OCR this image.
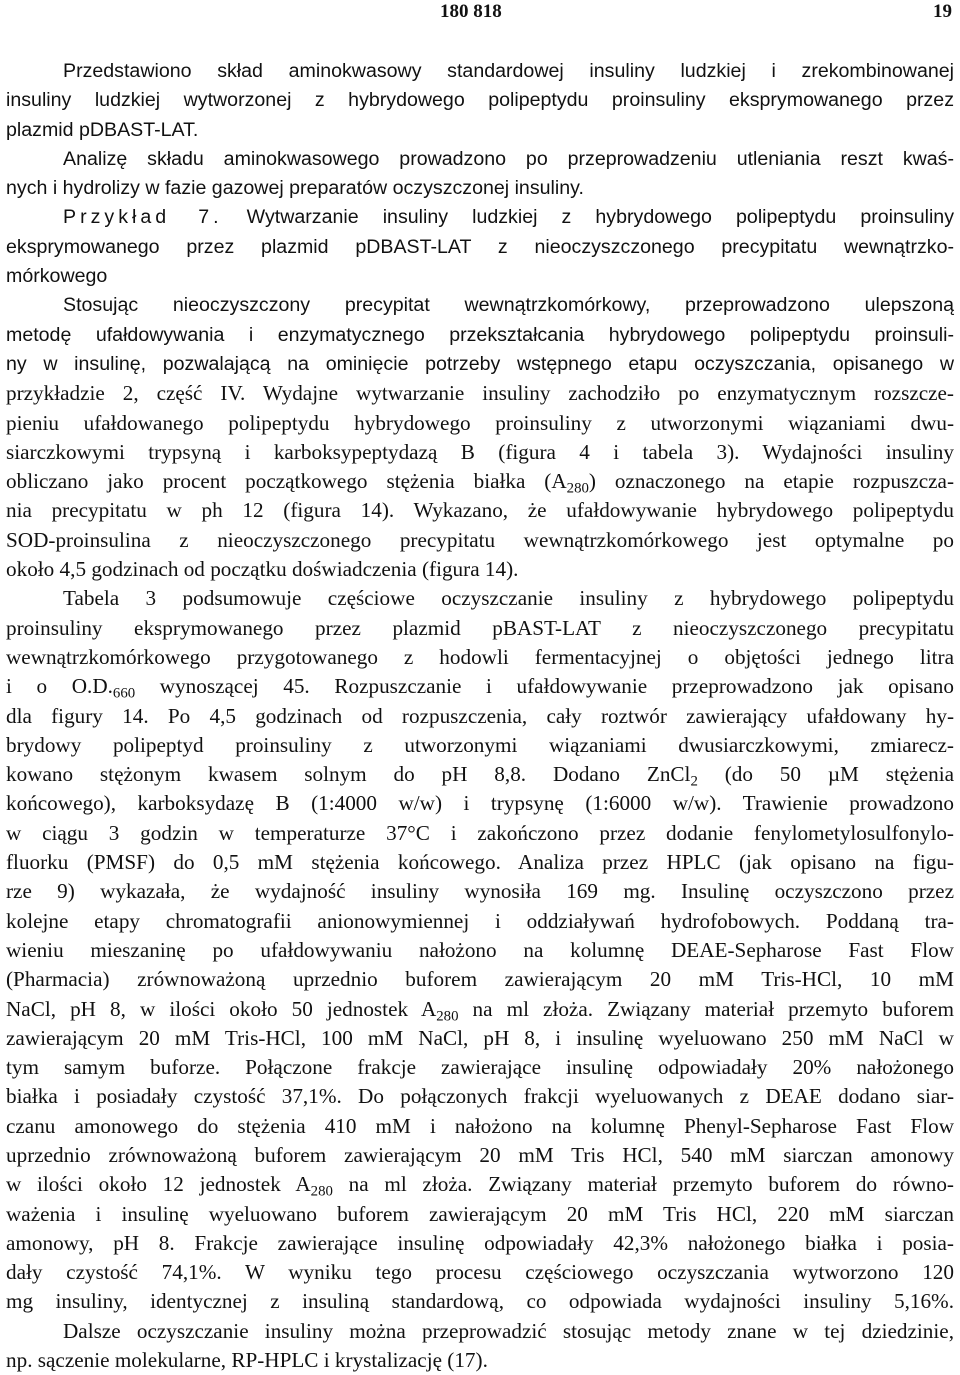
180 818	19
Przedstawiono skład aminokwasowy standardowej insuliny ludzkiej i zrekombinowanej
insuliny ludzkiej wytworzonej z hybrydowego polipeptydu proinsuliny eksprymowanego przez
plazmid pDBAST-LAT.
Analizę składu aminokwasowego prowadzono po przeprowadzeniu utleniania reszt kwaś-
nych i hydrolizy w fazie gazowej preparatów oczyszczonej insuliny.
Przykład 7. Wytwarzanie insuliny ludzkiej z hybrydowego polipeptydu proinsuliny
eksprymowanego przez plazmid pDBAST-LAT z nieoczyszczonego precypitatu wewnątrzko-
mórkowego
Stosując nieoczyszczony precypitat wewnątrzkomórkowy, przeprowadzono ulepszoną
metodę ufałdowywania i enzymatycznego przekształcania hybrydowego polipeptydu proinsuli-
ny w insulinę, pozwalającą na ominięcie potrzeby wstępnego etapu oczyszczania, opisanego w
przykładzie 2, część IV. Wydajne wytwarzanie insuliny zachodziło po enzymatycznym rozszcze-
pieniu ufałdowanego polipeptydu hybrydowego proinsuliny z utworzonymi wiązaniami dwu-
siarczkowymi trypsyną i karboksypeptydazą B (figura 4 i tabela 3). Wydajności insuliny
obliczano jako procent początkowego stężenia białka $(A_{280})$ oznaczonego na etapie rozpuszcza-
nia precypitatu w ph 12 (figura 14). Wykazano, że ufałdowywanie hybrydowego polipeptydu
SOD-proinsulina z nieoczyszczonego precypitatu wewnątrzkomórkowego jest optymalne po
około 4,5 godzinach od początku doświadczenia (figura 14).
Tabela 3 podsumowuje częściowe oczyszczanie insuliny z hybrydowego polipeptydu
proinsuliny eksprymowanego przez plazmid pBAST-LAT z nieoczyszczonego precypitatu
wewnątrzkomórkowego przygotowanego z hodowli fermentacyjnej o objętości jednego litra
i o $O.D._{660}$ wynoszącej 45. Rozpuszczanie i ufałdowywanie przeprowadzono jak opisano
dla figury 14. Po 4,5 godzinach od rozpuszczenia, cały roztwór zawierający ufałdowany hy-
brydowy polipeptyd proinsuliny z utworzonymi wiązaniami dwusiarczkowymi, zmiarecz-
kowano stężonym kwasem solnym do pH 8,8. Dodano ZnCl$_2$ (do 50 µM stężenia
końcowego), karboksydazę B (1:4000 w/w) i trypsynę (1:6000 w/w). Trawienie prowadzono
w ciągu 3 godzin w temperaturze 37°C i zakończono przez dodanie fenylometylosulfonylo-
fluorku (PMSF) do 0,5 mM stężenia końcowego. Analiza przez HPLC (jak opisano na figu-
rze 9) wykazała, że wydajność insuliny wynosiła 169 mg. Insulinę oczyszczono przez
kolejne etapy chromatografii anionowymiennej i oddziaływań hydrofobowych. Poddaną tra-
wieniu mieszaninę po ufałdowywaniu nałożono na kolumnę DEAE-Sepharose Fast Flow
(Pharmacia) zrównoważoną uprzednio buforem zawierającym 20 mM Tris-HCl, 10 mM
NaCl, pH 8, w ilości około 50 jednostek $A_{280}$ na ml złoża. Związany materiał przemyto buforem
zawierającym 20 mM Tris-HCl, 100 mM NaCl, pH 8, i insulinę wyeluowano 250 mM NaCl w
tym samym buforze. Połączone frakcje zawierające insulinę odpowiadały 20% nałożonego
białka i posiadały czystość 37,1%. Do połączonych frakcji wyeluowanych z DEAE dodano siar-
czanu amonowego do stężenia 410 mM i nałożono na kolumnę Phenyl-Sepharose Fast Flow
uprzednio zrównoważoną buforem zawierającym 20 mM Tris HCl, 540 mM siarczan amonowy
w ilości około 12 jednostek $A_{280}$ na ml złoża. Związany materiał przemyto buforem do równo-
ważenia i insulinę wyeluowano buforem zawierającym 20 mM Tris HCl, 220 mM siarczan
amonowy, pH 8. Frakcje zawierające insulinę odpowiadały 42,3% nałożonego białka i posia-
dały czystość 74,1%. W wyniku tego procesu częściowego oczyszczania wytworzono 120
mg insuliny, identycznej z insuliną standardową, co odpowiada wydajności insuliny 5,16%.
Dalsze oczyszczanie insuliny można przeprowadzić stosując metody znane w tej dziedzinie,
np. sączenie molekularne, RP-HPLC i krystalizację (17).
